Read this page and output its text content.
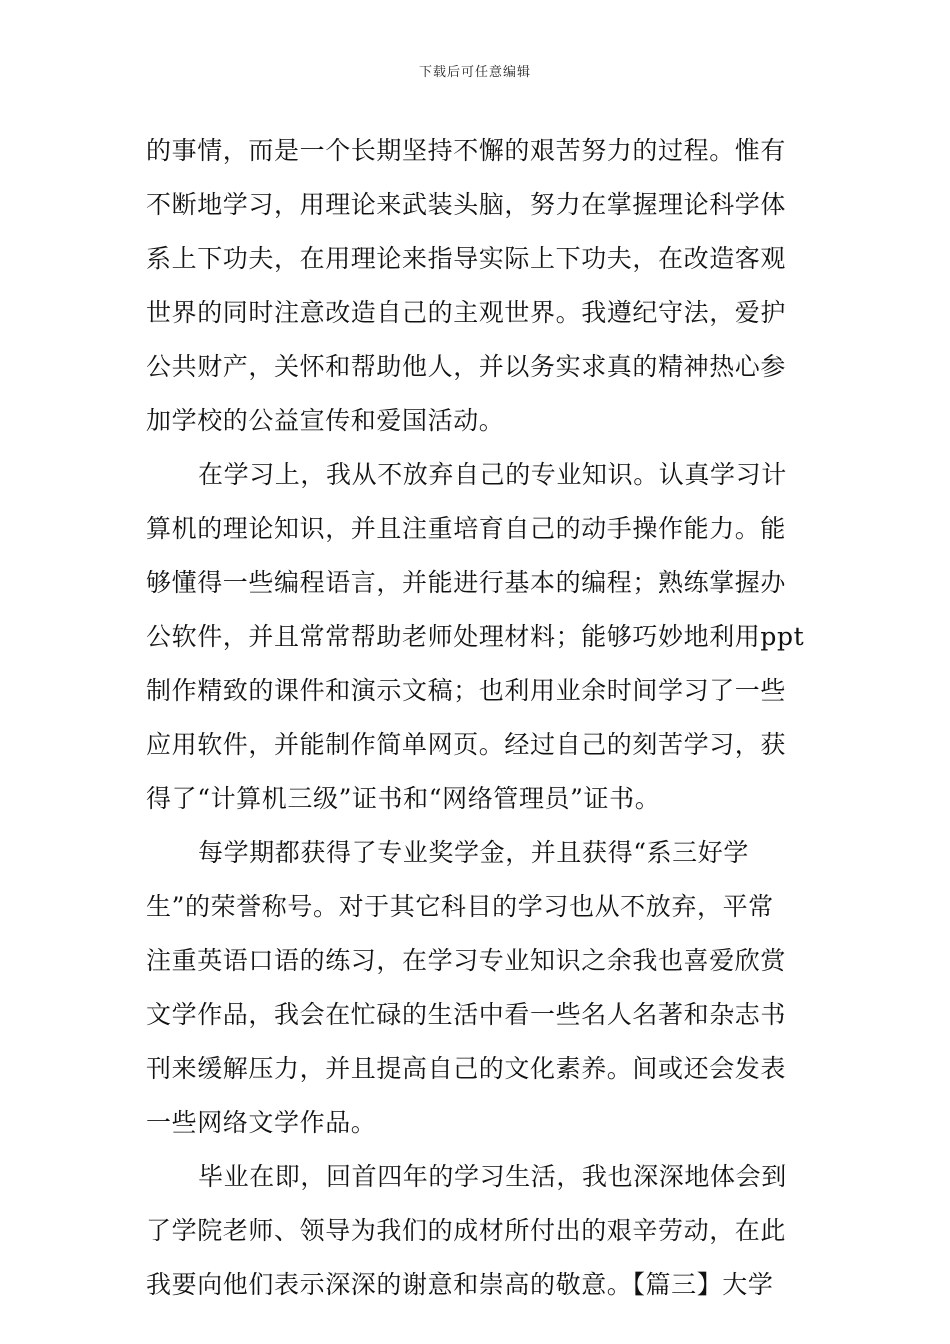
下载后可任意编辑
的事情，而是一个长期坚持不懈的艰苦努力的过程。惟有
不断地学习，用理论来武装头脑，努力在掌握理论科学体
系上下功夫，在用理论来指导实际上下功夫，在改造客观
世界的同时注意改造自己的主观世界。我遵纪守法，爱护
公共财产，关怀和帮助他人，并以务实求真的精神热心参
加学校的公益宣传和爱国活动。
在学习上，我从不放弃自己的专业知识。认真学习计
算机的理论知识，并且注重培育自己的动手操作能力。能
够懂得一些编程语言，并能进行基本的编程；熟练掌握办
公软件，并且常常帮助老师处理材料；能够巧妙地利用ppt
制作精致的课件和演示文稿；也利用业余时间学习了一些
应用软件，并能制作简单网页。经过自己的刻苦学习，获
得了“计算机三级”证书和“网络管理员”证书。
每学期都获得了专业奖学金，并且获得“系三好学
生”的荣誉称号。对于其它科目的学习也从不放弃，平常
注重英语口语的练习，在学习专业知识之余我也喜爱欣赏
文学作品，我会在忙碌的生活中看一些名人名著和杂志书
刊来缓解压力，并且提高自己的文化素养。间或还会发表
一些网络文学作品。
毕业在即，回首四年的学习生活，我也深深地体会到
了学院老师、领导为我们的成材所付出的艰辛劳动，在此
我要向他们表示深深的谢意和崇高的敬意。【篇三】大学
